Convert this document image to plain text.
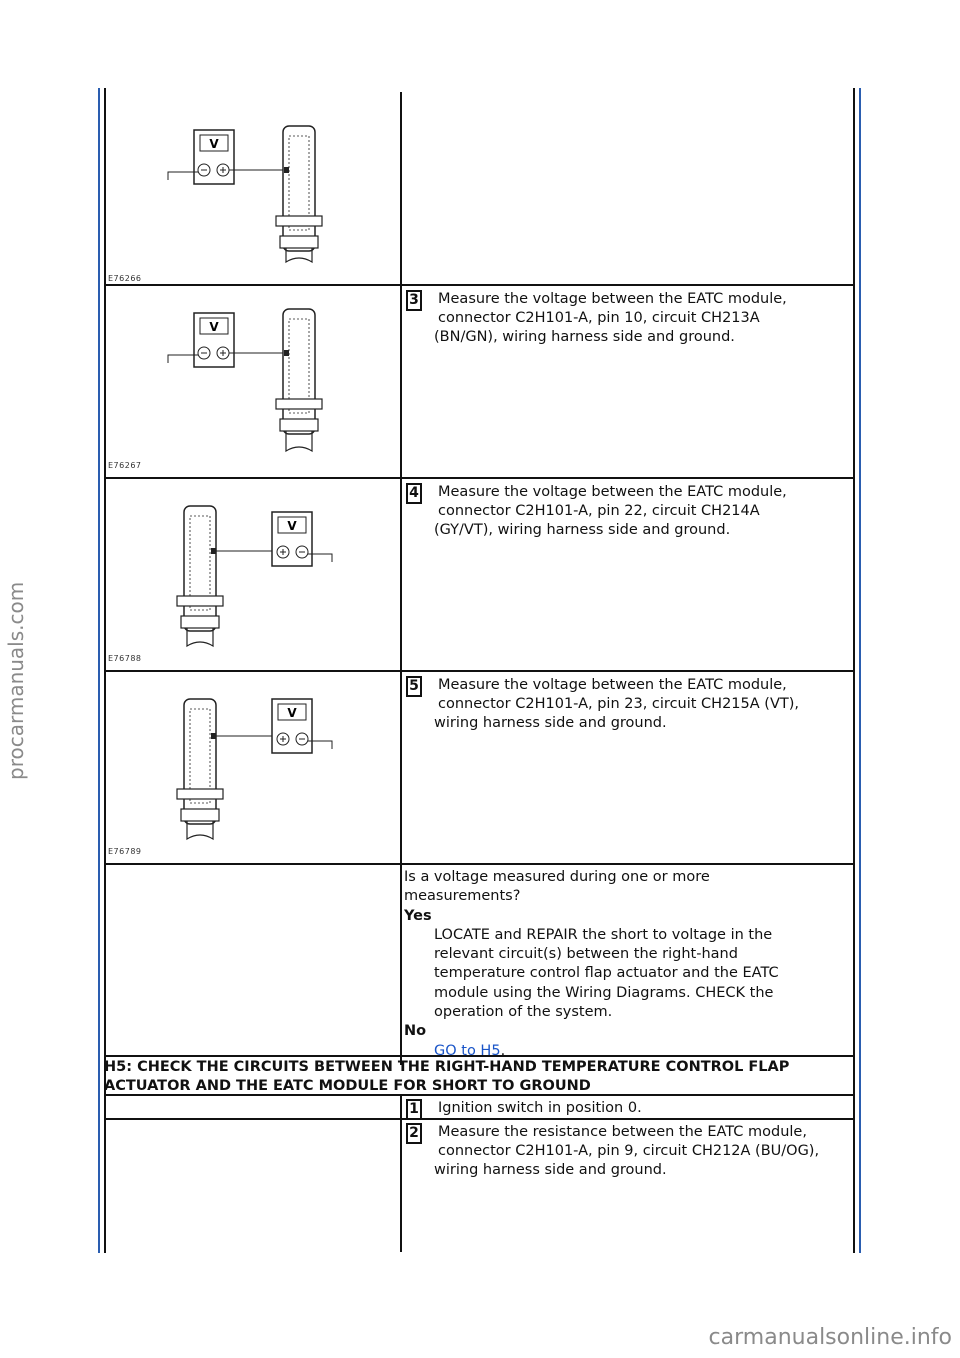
V
E76266
V
E76267
V
E76788
V
E76789
3 Measure the voltage between the EATC module,
connector C2H101-A, pin 10, circuit CH213A
(BN/GN), wiring harness side and ground.
4 Measure the voltage between the EATC module,
connector C2H101-A, pin 22, circuit CH214A
(GY/VT), wiring harness side and ground.
5 Measure the voltage between the EATC module,
connector C2H101-A, pin 23, circuit CH215A (VT),
wiring harness side and ground.
Is a voltage measured during one or more
measurements?
Yes
LOCATE and REPAIR the short to voltage in the
relevant circuit(s) between the right-hand
temperature control flap actuator and the EATC
module using the Wiring Diagrams. CHECK the
operation of the system.
No
GO to H5.
H5: CHECK THE CIRCUITS BETWEEN THE RIGHT-HAND TEMPERATURE CONTROL FLAP
ACTUATOR AND THE EATC MODULE FOR SHORT TO GROUND
1 Ignition switch in position 0.
2 Measure the resistance between the EATC module,
connector C2H101-A, pin 9, circuit CH212A (BU/OG),
wiring harness side and ground.
procarmanuals.com
carmanualsonline.info
